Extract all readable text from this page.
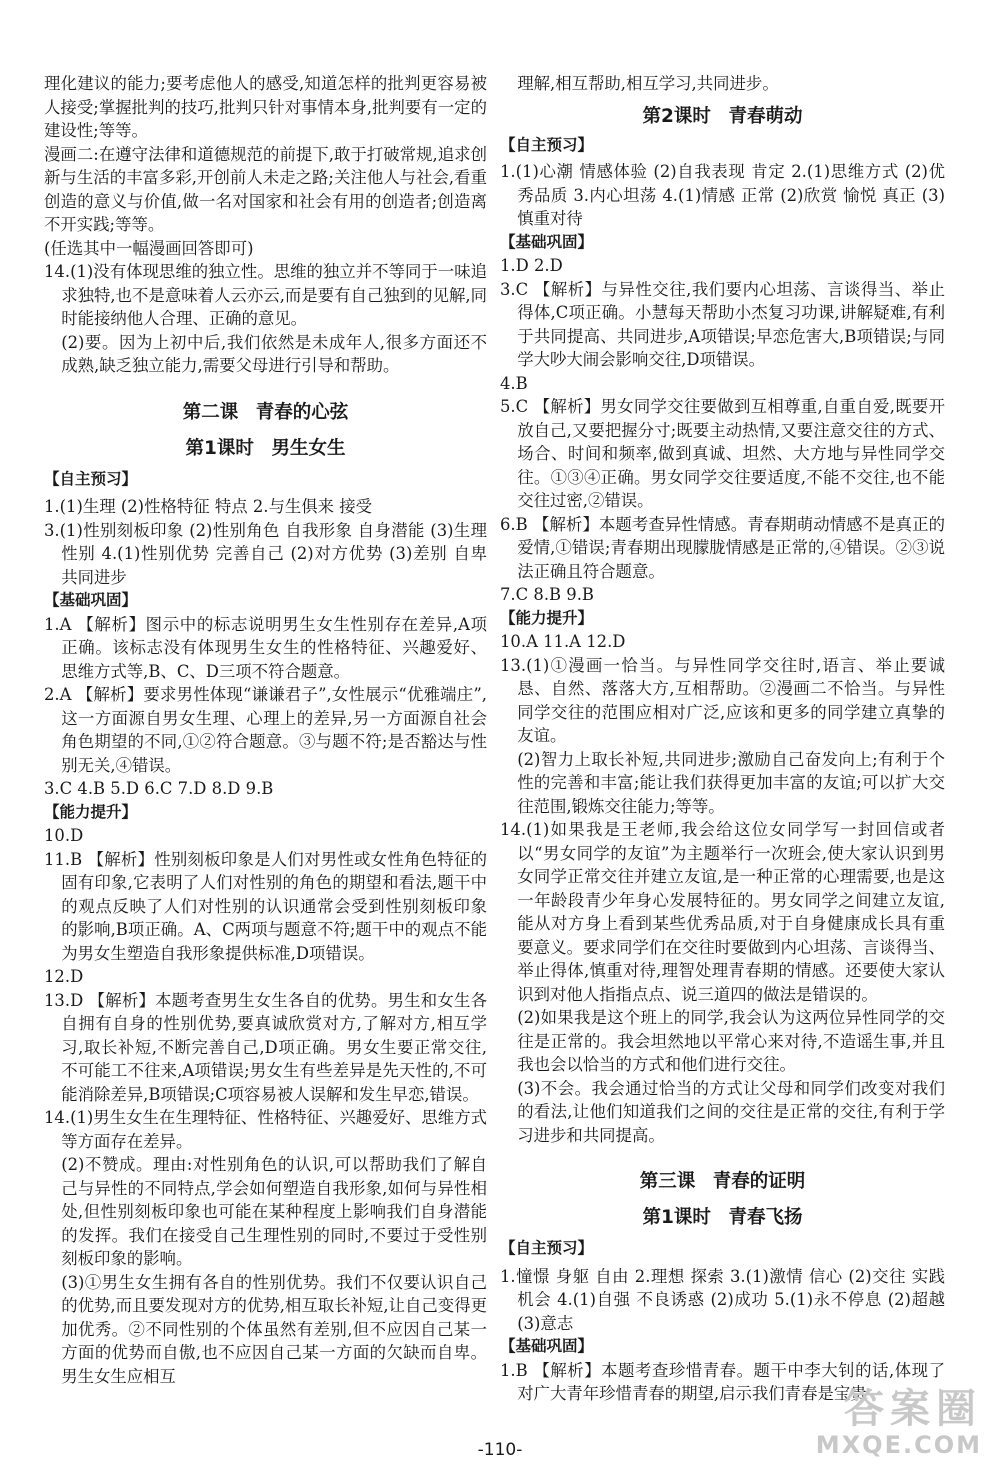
理化建议的能力;要考虑他人的感受,知道怎样的批判更容易被人接受;掌握批判的技巧,批判只针对事情本身,批判要有一定的建设性;等等。
漫画二:在遵守法律和道德规范的前提下,敢于打破常规,追求创新与生活的丰富多彩,开创前人未走之路;关注他人与社会,看重创造的意义与价值,做一名对国家和社会有用的创造者;创造离不开实践;等等。
(任选其中一幅漫画回答即可)
14.(1)没有体现思维的独立性。思维的独立并不等同于一味追求独特,也不是意味着人云亦云,而是要有自己独到的见解,同时能接纳他人合理、正确的意见。
(2)要。因为上初中后,我们依然是未成年人,很多方面还不成熟,缺乏独立能力,需要父母进行引导和帮助。
第二课 青春的心弦
第1课时 男生女生
【自主预习】
1.(1)生理 (2)性格特征 特点 2.与生俱来 接受
3.(1)性别刻板印象 (2)性别角色 自我形象 自身潜能 (3)生理性别 4.(1)性别优势 完善自己 (2)对方优势 (3)差别 自卑 共同进步
【基础巩固】
1.A 【解析】图示中的标志说明男生女生性别存在差异,A项正确。该标志没有体现男生女生的性格特征、兴趣爱好、思维方式等,B、C、D三项不符合题意。
2.A 【解析】要求男性体现“谦谦君子”,女性展示“优雅端庄”,这一方面源自男女生理、心理上的差异,另一方面源自社会角色期望的不同,①②符合题意。③与题不符;是否豁达与性别无关,④错误。
3.C 4.B 5.D 6.C 7.D 8.D 9.B
【能力提升】
10.D
11.B 【解析】性别刻板印象是人们对男性或女性角色特征的固有印象,它表明了人们对性别的角色的期望和看法,题干中的观点反映了人们对性别的认识通常会受到性别刻板印象的影响,B项正确。A、C两项与题意不符;题干中的观点不能为男女生塑造自我形象提供标准,D项错误。
12.D
13.D 【解析】本题考查男生女生各自的优势。男生和女生各自拥有自身的性别优势,要真诚欣赏对方,了解对方,相互学习,取长补短,不断完善自己,D项正确。男女生要正常交往,不可能工不往来,A项错误;男女生有些差异是先天性的,不可能消除差异,B项错误;C项容易被人误解和发生早恋,错误。
14.(1)男生女生在生理特征、性格特征、兴趣爱好、思维方式等方面存在差异。
(2)不赞成。理由:对性别角色的认识,可以帮助我们了解自己与异性的不同特点,学会如何塑造自我形象,如何与异性相处,但性别刻板印象也可能在某种程度上影响我们自身潜能的发挥。我们在接受自己生理性别的同时,不要过于受性别刻板印象的影响。
(3)①男生女生拥有各自的性别优势。我们不仅要认识自己的优势,而且要发现对方的优势,相互取长补短,让自己变得更加优秀。②不同性别的个体虽然有差别,但不应因自己某一方面的优势而自傲,也不应因自己某一方面的欠缺而自卑。男生女生应相互
理解,相互帮助,相互学习,共同进步。
第2课时 青春萌动
【自主预习】
1.(1)心潮 情感体验 (2)自我表现 肯定 2.(1)思维方式 (2)优秀品质 3.内心坦荡 4.(1)情感 正常 (2)欣赏 愉悦 真正 (3)慎重对待
【基础巩固】
1.D 2.D
3.C 【解析】与异性交往,我们要内心坦荡、言谈得当、举止得体,C项正确。小慧每天帮助小杰复习功课,讲解疑难,有利于共同提高、共同进步,A项错误;早恋危害大,B项错误;与同学大吵大闹会影响交往,D项错误。
4.B
5.C 【解析】男女同学交往要做到互相尊重,自重自爱,既要开放自己,又要把握分寸;既要主动热情,又要注意交往的方式、场合、时间和频率,做到真诚、坦然、大方地与异性同学交往。①③④正确。男女同学交往要适度,不能不交往,也不能交往过密,②错误。
6.B 【解析】本题考查异性情感。青春期萌动情感不是真正的爱情,①错误;青春期出现朦胧情感是正常的,④错误。②③说法正确且符合题意。
7.C 8.B 9.B
【能力提升】
10.A 11.A 12.D
13.(1)①漫画一恰当。与异性同学交往时,语言、举止要诚恳、自然、落落大方,互相帮助。②漫画二不恰当。与异性同学交往的范围应相对广泛,应该和更多的同学建立真挚的友谊。
(2)智力上取长补短,共同进步;激励自己奋发向上;有利于个性的完善和丰富;能让我们获得更加丰富的友谊;可以扩大交往范围,锻炼交往能力;等等。
14.(1)如果我是王老师,我会给这位女同学写一封回信或者以“男女同学的友谊”为主题举行一次班会,使大家认识到男女同学正常交往并建立友谊,是一种正常的心理需要,也是这一年龄段青少年身心发展特征的。男女同学之间建立友谊,能从对方身上看到某些优秀品质,对于自身健康成长具有重要意义。要求同学们在交往时要做到内心坦荡、言谈得当、举止得体,慎重对待,理智处理青春期的情感。还要使大家认识到对他人指指点点、说三道四的做法是错误的。
(2)如果我是这个班上的同学,我会认为这两位异性同学的交往是正常的。我会坦然地以平常心来对待,不造谣生事,并且我也会以恰当的方式和他们进行交往。
(3)不会。我会通过恰当的方式让父母和同学们改变对我们的看法,让他们知道我们之间的交往是正常的交往,有利于学习进步和共同提高。
第三课 青春的证明
第1课时 青春飞扬
【自主预习】
1.憧憬 身躯 自由 2.理想 探索 3.(1)激情 信心 (2)交往 实践机会 4.(1)自强 不良诱惑 (2)成功 5.(1)永不停息 (2)超越 (3)意志
【基础巩固】
1.B 【解析】本题考查珍惜青春。题干中李大钊的话,体现了对广大青年珍惜青春的期望,启示我们青春是宝贵
-110-
答案圈
MXQE.COM
